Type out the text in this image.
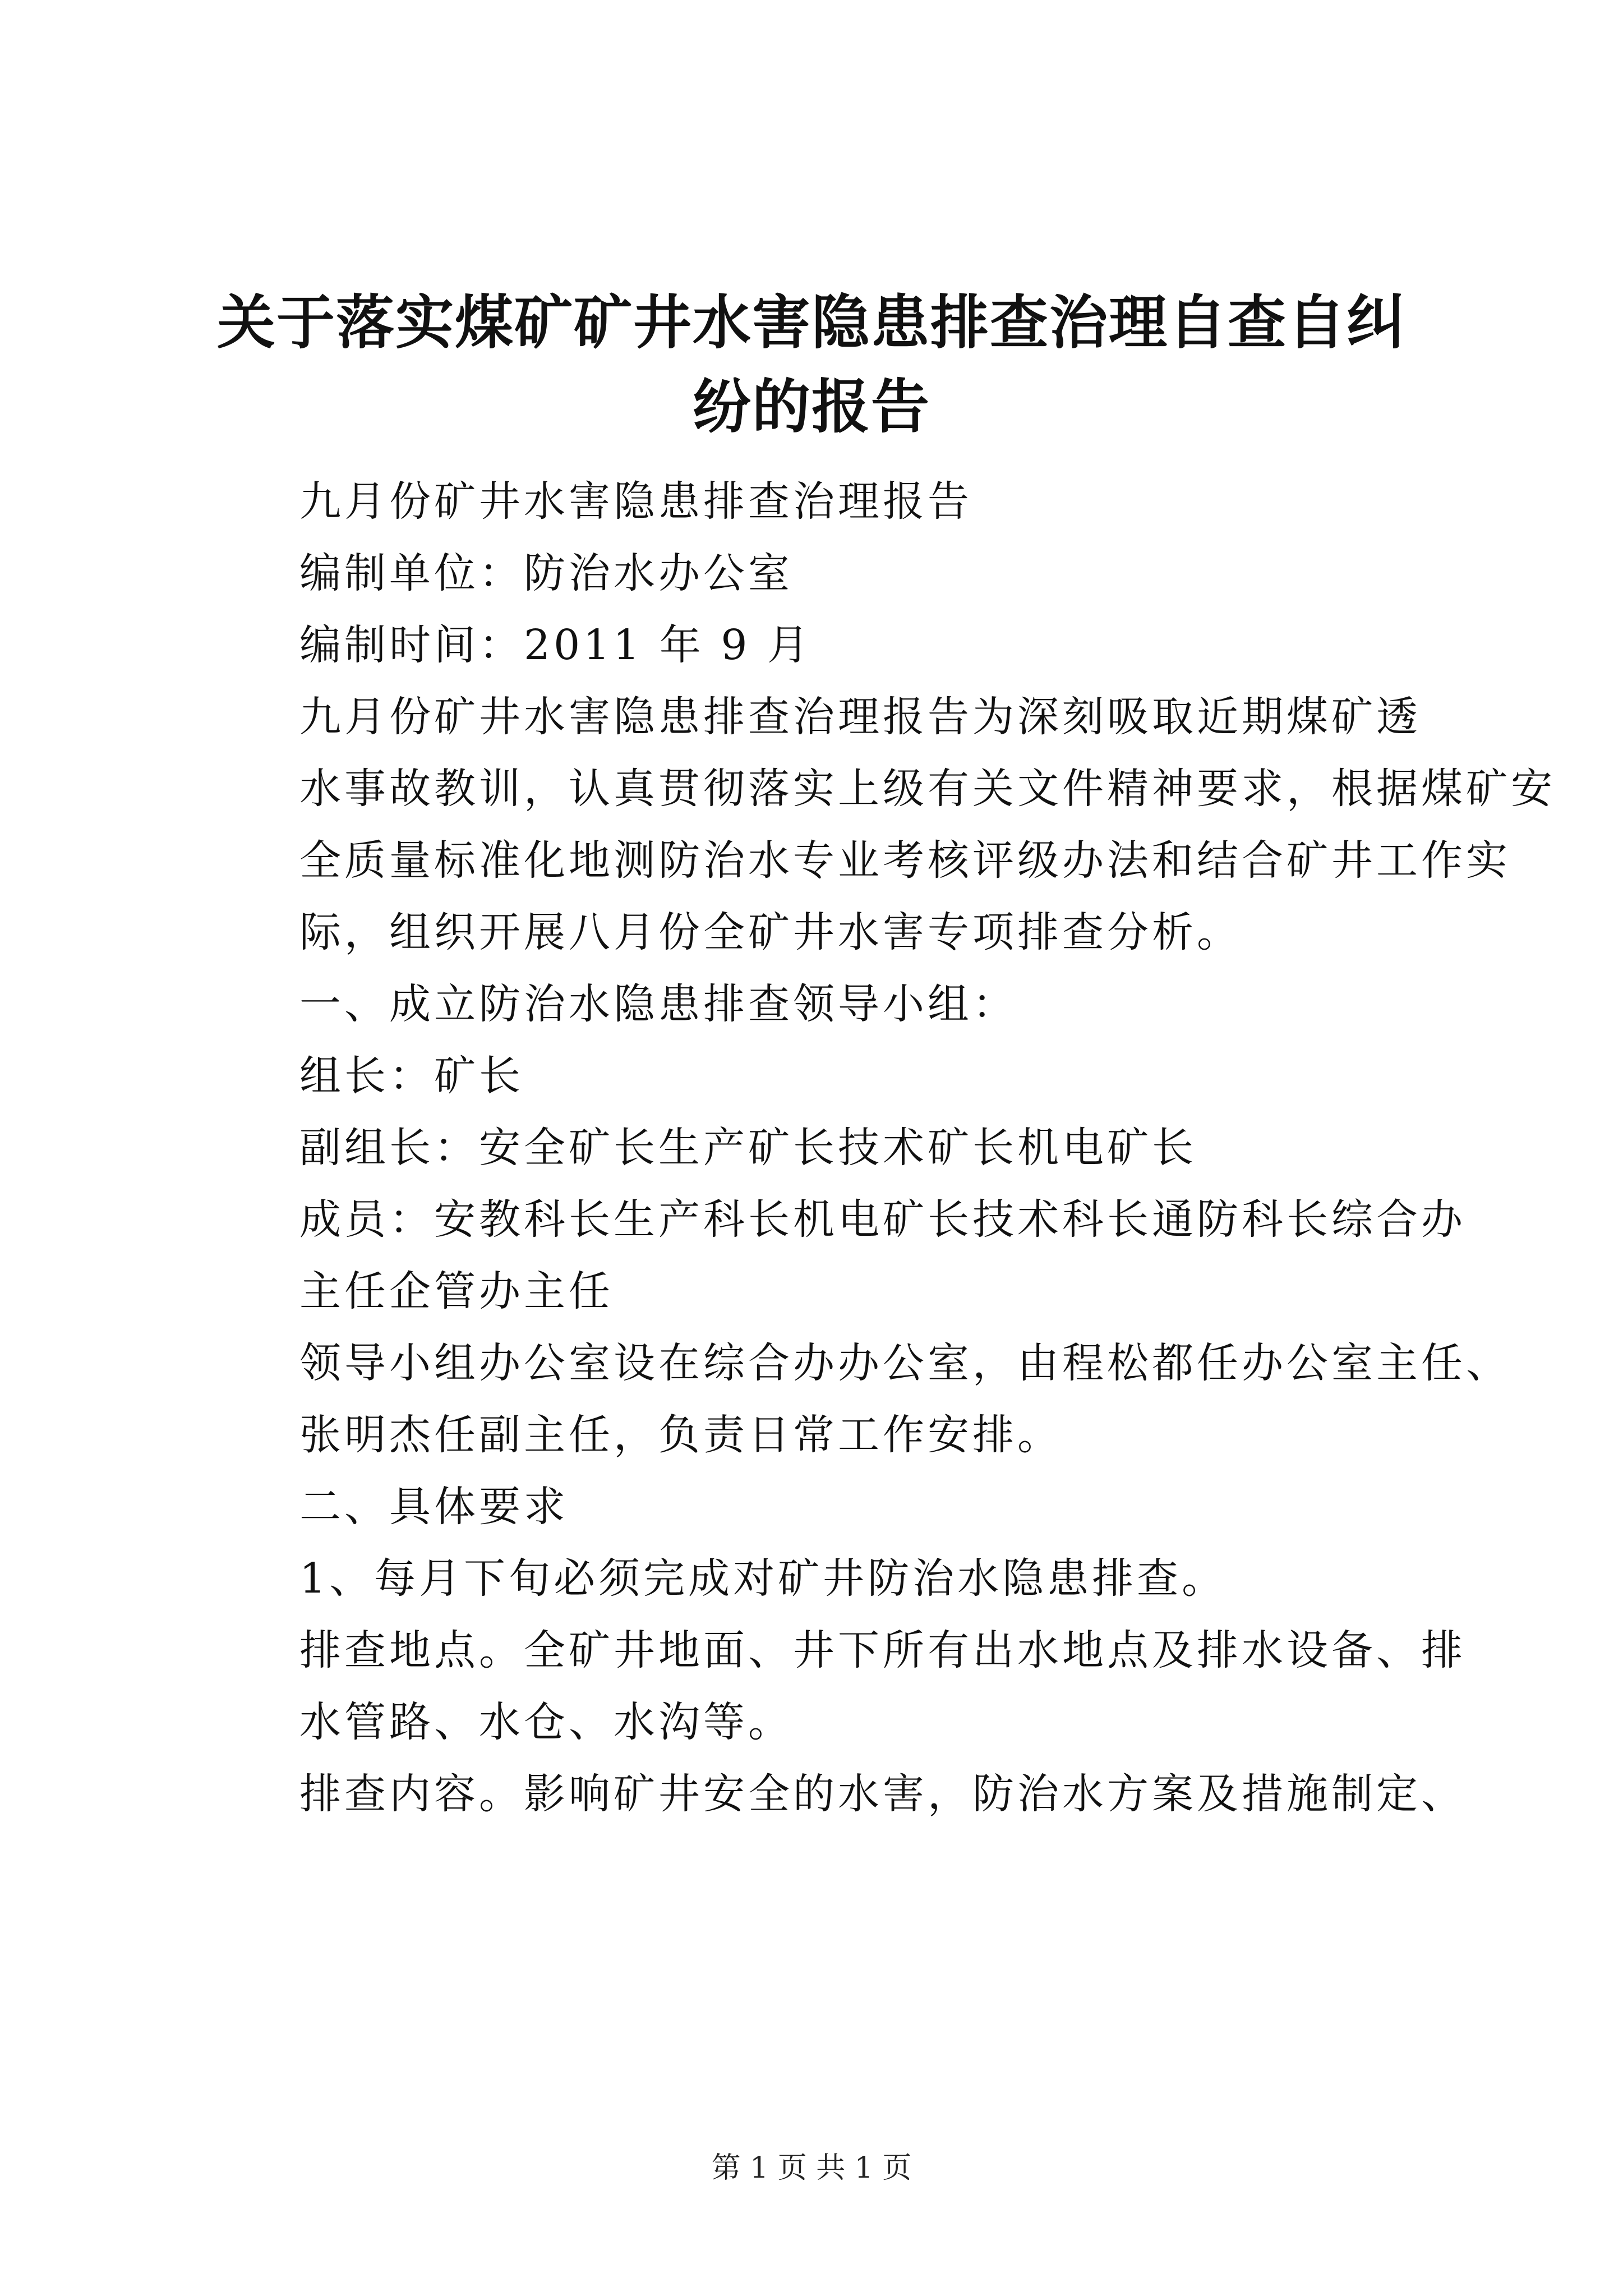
关于落实煤矿矿井水害隐患排查治理自查自纠
纷的报告

九月份矿井水害隐患排查治理报告

编制单位：防治水办公室

编制时间：2011 年 9 月

九月份矿井水害隐患排查治理报告为深刻吸取近期煤矿透
水事故教训，认真贯彻落实上级有关文件精神要求，根据煤矿安
全质量标准化地测防治水专业考核评级办法和结合矿井工作实
际，组织开展八月份全矿井水害专项排查分析。

一、成立防治水隐患排查领导小组：

组长：矿长

副组长：安全矿长生产矿长技术矿长机电矿长

成员：安教科长生产科长机电矿长技术科长通防科长综合办
主任企管办主任

领导小组办公室设在综合办办公室，由程松都任办公室主任、
张明杰任副主任，负责日常工作安排。

二、具体要求

1、每月下旬必须完成对矿井防治水隐患排查。

排查地点。全矿井地面、井下所有出水地点及排水设备、排
水管路、水仓、水沟等。

排查内容。影响矿井安全的水害，防治水方案及措施制定、

第 1 页 共 1 页
